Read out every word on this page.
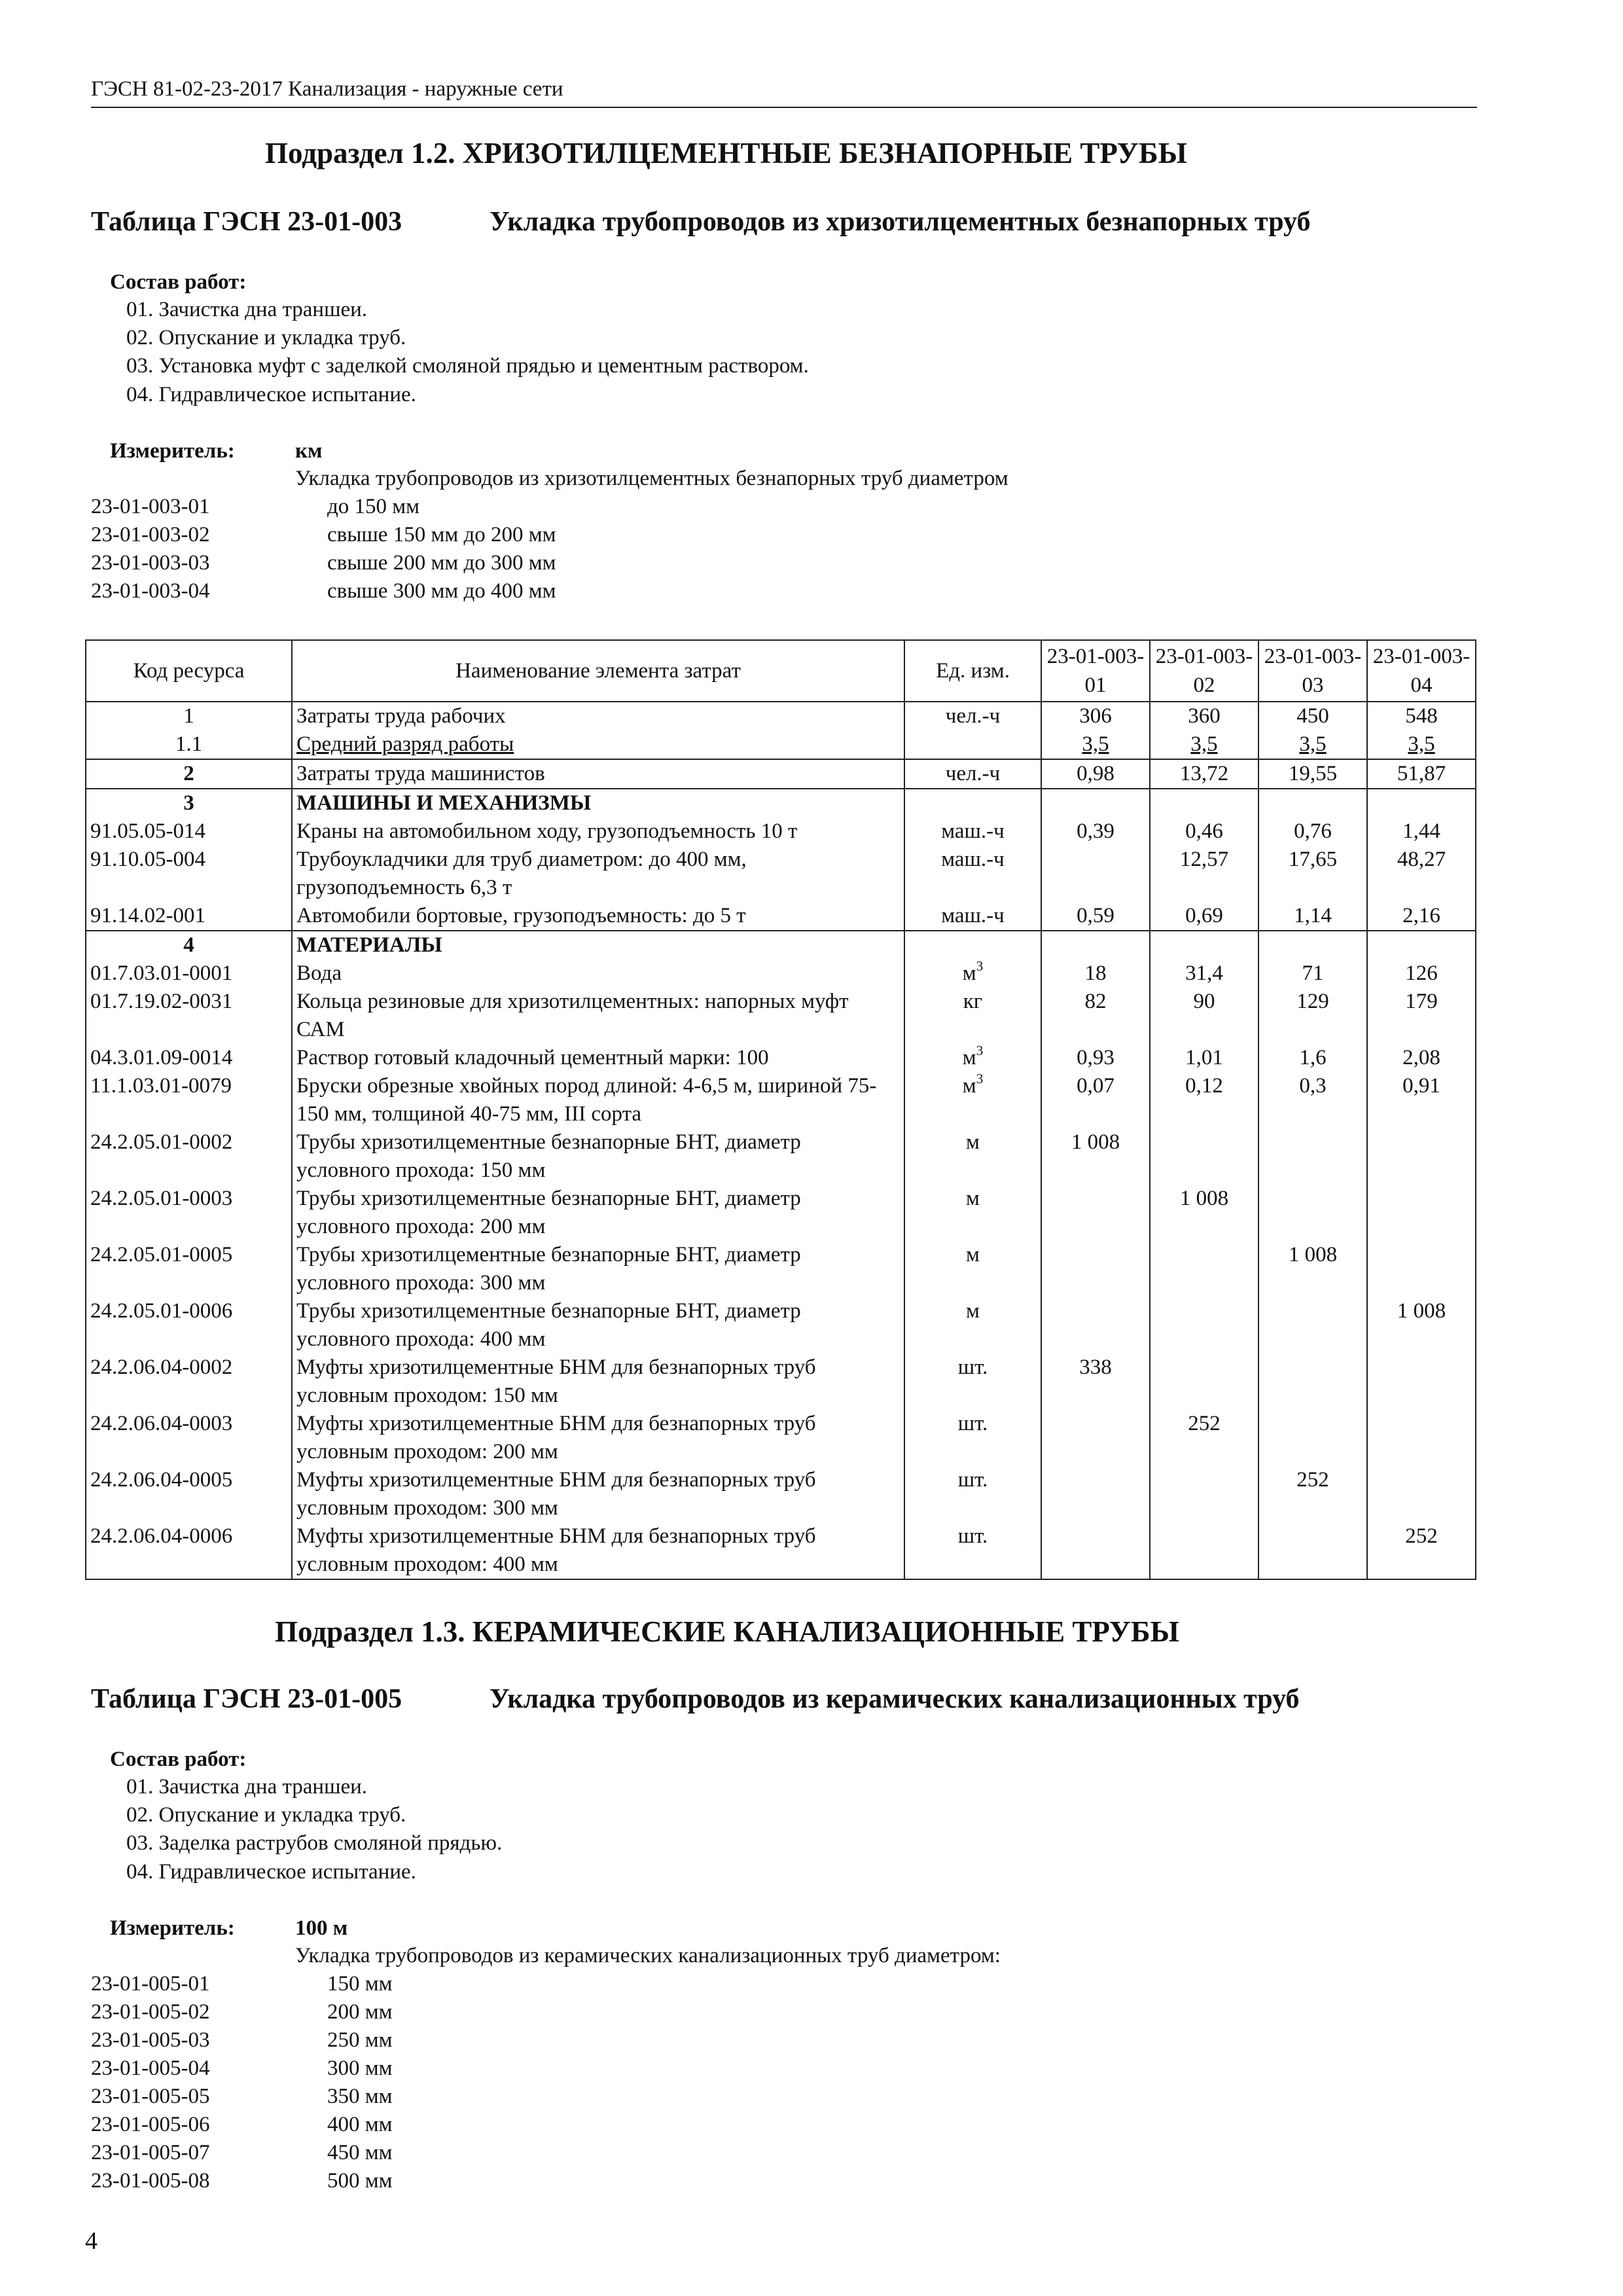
ГЭСН 81-02-23-2017 Канализация - наружные сети
Подраздел 1.2. ХРИЗОТИЛЦЕМЕНТНЫЕ БЕЗНАПОРНЫЕ ТРУБЫ
Таблица ГЭСН 23-01-003	Укладка трубопроводов из хризотилцементных безнапорных труб
Состав работ:
01. Зачистка дна траншеи.
02. Опускание и укладка труб.
03. Установка муфт с заделкой смоляной прядью и цементным раствором.
04. Гидравлическое испытание.
Измеритель:	км
Укладка трубопроводов из хризотилцементных безнапорных труб диаметром
23-01-003-01	до 150 мм
23-01-003-02	свыше 150 мм до 200 мм
23-01-003-03	свыше 200 мм до 300 мм
23-01-003-04	свыше 300 мм до 400 мм
Код ресурса	Наименование элемента затрат	Ед. изм.	23-01-003-01	23-01-003-02	23-01-003-03	23-01-003-04
1	Затраты труда рабочих	чел.-ч	306	360	450	548
1.1	Средний разряд работы		3,5	3,5	3,5	3,5
2	Затраты труда машинистов	чел.-ч	0,98	13,72	19,55	51,87
3	МАШИНЫ И МЕХАНИЗМЫ					
91.05.05-014	Краны на автомобильном ходу, грузоподъемность 10 т	маш.-ч	0,39	0,46	0,76	1,44
91.10.05-004	Трубоукладчики для труб диаметром: до 400 мм, грузоподъемность 6,3 т	маш.-ч		12,57	17,65	48,27
91.14.02-001	Автомобили бортовые, грузоподъемность: до 5 т	маш.-ч	0,59	0,69	1,14	2,16
4	МАТЕРИАЛЫ					
01.7.03.01-0001	Вода	$м^3$	18	31,4	71	126
01.7.19.02-0031	Кольца резиновые для хризотилцементных: напорных муфт САМ	кг	82	90	129	179
04.3.01.09-0014	Раствор готовый кладочный цементный марки: 100	$м^3$	0,93	1,01	1,6	2,08
11.1.03.01-0079	Бруски обрезные хвойных пород длиной: 4-6,5 м, шириной 75-150 мм, толщиной 40-75 мм, III сорта	$м^3$	0,07	0,12	0,3	0,91
24.2.05.01-0002	Трубы хризотилцементные безнапорные БНТ, диаметр условного прохода: 150 мм	м	1 008			
24.2.05.01-0003	Трубы хризотилцементные безнапорные БНТ, диаметр условного прохода: 200 мм	м		1 008		
24.2.05.01-0005	Трубы хризотилцементные безнапорные БНТ, диаметр условного прохода: 300 мм	м			1 008	
24.2.05.01-0006	Трубы хризотилцементные безнапорные БНТ, диаметр условного прохода: 400 мм	м				1 008
24.2.06.04-0002	Муфты хризотилцементные БНМ для безнапорных труб условным проходом: 150 мм	шт.	338			
24.2.06.04-0003	Муфты хризотилцементные БНМ для безнапорных труб условным проходом: 200 мм	шт.		252		
24.2.06.04-0005	Муфты хризотилцементные БНМ для безнапорных труб условным проходом: 300 мм	шт.			252	
24.2.06.04-0006	Муфты хризотилцементные БНМ для безнапорных труб условным проходом: 400 мм	шт.				252
Подраздел 1.3. КЕРАМИЧЕСКИЕ КАНАЛИЗАЦИОННЫЕ ТРУБЫ
Таблица ГЭСН 23-01-005	Укладка трубопроводов из керамических канализационных труб
Состав работ:
01. Зачистка дна траншеи.
02. Опускание и укладка труб.
03. Заделка раструбов смоляной прядью.
04. Гидравлическое испытание.
Измеритель:	100 м
Укладка трубопроводов из керамических канализационных труб диаметром:
23-01-005-01	150 мм
23-01-005-02	200 мм
23-01-005-03	250 мм
23-01-005-04	300 мм
23-01-005-05	350 мм
23-01-005-06	400 мм
23-01-005-07	450 мм
23-01-005-08	500 мм
4
